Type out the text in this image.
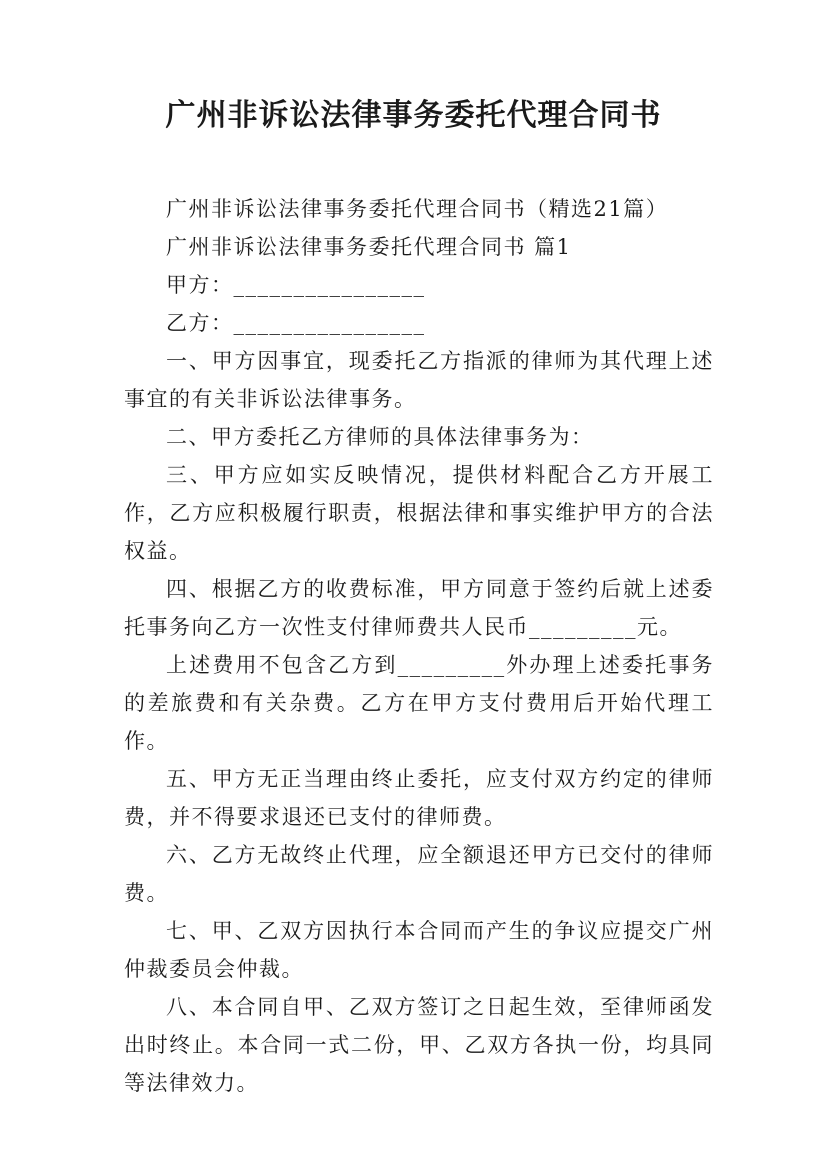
广州非诉讼法律事务委托代理合同书

广州非诉讼法律事务委托代理合同书（精选21篇）

广州非诉讼法律事务委托代理合同书 篇1

甲方：________________

乙方：________________

一、甲方因事宜，现委托乙方指派的律师为其代理上述事宜的有关非诉讼法律事务。

二、甲方委托乙方律师的具体法律事务为：

三、甲方应如实反映情况，提供材料配合乙方开展工作，乙方应积极履行职责，根据法律和事实维护甲方的合法权益。

四、根据乙方的收费标准，甲方同意于签约后就上述委托事务向乙方一次性支付律师费共人民币_________元。

上述费用不包含乙方到_________外办理上述委托事务的差旅费和有关杂费。乙方在甲方支付费用后开始代理工作。

五、甲方无正当理由终止委托，应支付双方约定的律师费，并不得要求退还已支付的律师费。

六、乙方无故终止代理，应全额退还甲方已交付的律师费。

七、甲、乙双方因执行本合同而产生的争议应提交广州仲裁委员会仲裁。

八、本合同自甲、乙双方签订之日起生效，至律师函发出时终止。本合同一式二份，甲、乙双方各执一份，均具同等法律效力。
